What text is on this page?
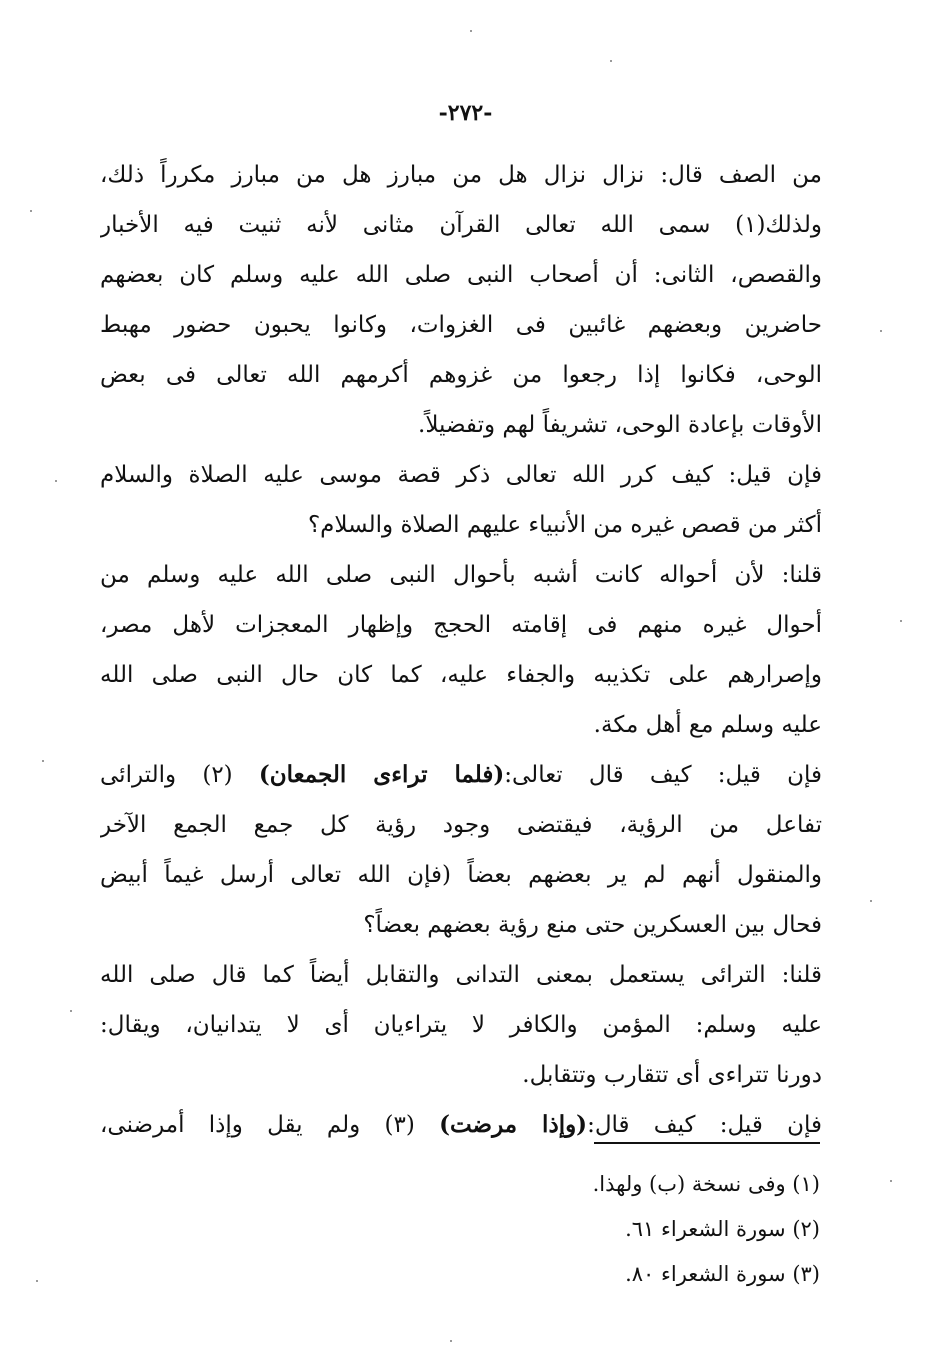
-٢٧٢-
من الصف قال: نزال نزال هل من مبارز هل من مبارز مكرراً ذلك،
ولذلك(١) سمى الله تعالى القرآن مثانى لأنه ثنيت فيه الأخبار
والقصص، الثانى: أن أصحاب النبى صلى الله عليه وسلم كان بعضهم
حاضرين وبعضهم غائبين فى الغزوات، وكانوا يحبون حضور مهبط
الوحى، فكانوا إذا رجعوا من غزوهم أكرمهم الله تعالى فى بعض
الأوقات بإعادة الوحى، تشريفاً لهم وتفضيلاً.
فإن قيل: كيف كرر الله تعالى ذكر قصة موسى عليه الصلاة والسلام
أكثر من قصص غيره من الأنبياء عليهم الصلاة والسلام؟
قلنا: لأن أحواله كانت أشبه بأحوال النبى صلى الله عليه وسلم من
أحوال غيره منهم فى إقامته الحجج وإظهار المعجزات لأهل مصر،
وإصرارهم على تكذيبه والجفاء عليه، كما كان حال النبى صلى الله
عليه وسلم مع أهل مكة.
فإن قيل: كيف قال تعالى:(فلما تراءى الجمعان) (٢) والترائى
تفاعل من الرؤية، فيقتضى وجود رؤية كل جمع الجمع الآخر
والمنقول أنهم لم ير بعضهم بعضاً (فإن الله تعالى أرسل غيماً أبيض
فحال بين العسكرين حتى منع رؤية بعضهم بعضاً؟
قلنا: الترائى يستعمل بمعنى التدانى والتقابل أيضاً كما قال صلى الله
عليه وسلم: المؤمن والكافر لا يتراءيان أى لا يتدانيان، ويقال:
دورنا تتراءى أى تتقارب وتتقابل.
فإن قيل: كيف قال:(وإذا مرضت) (٣) ولم يقل وإذا أمرضنى،
(١) وفى نسخة (ب) ولهذا.
(٢) سورة الشعراء ٦١.
(٣) سورة الشعراء ٨٠.
